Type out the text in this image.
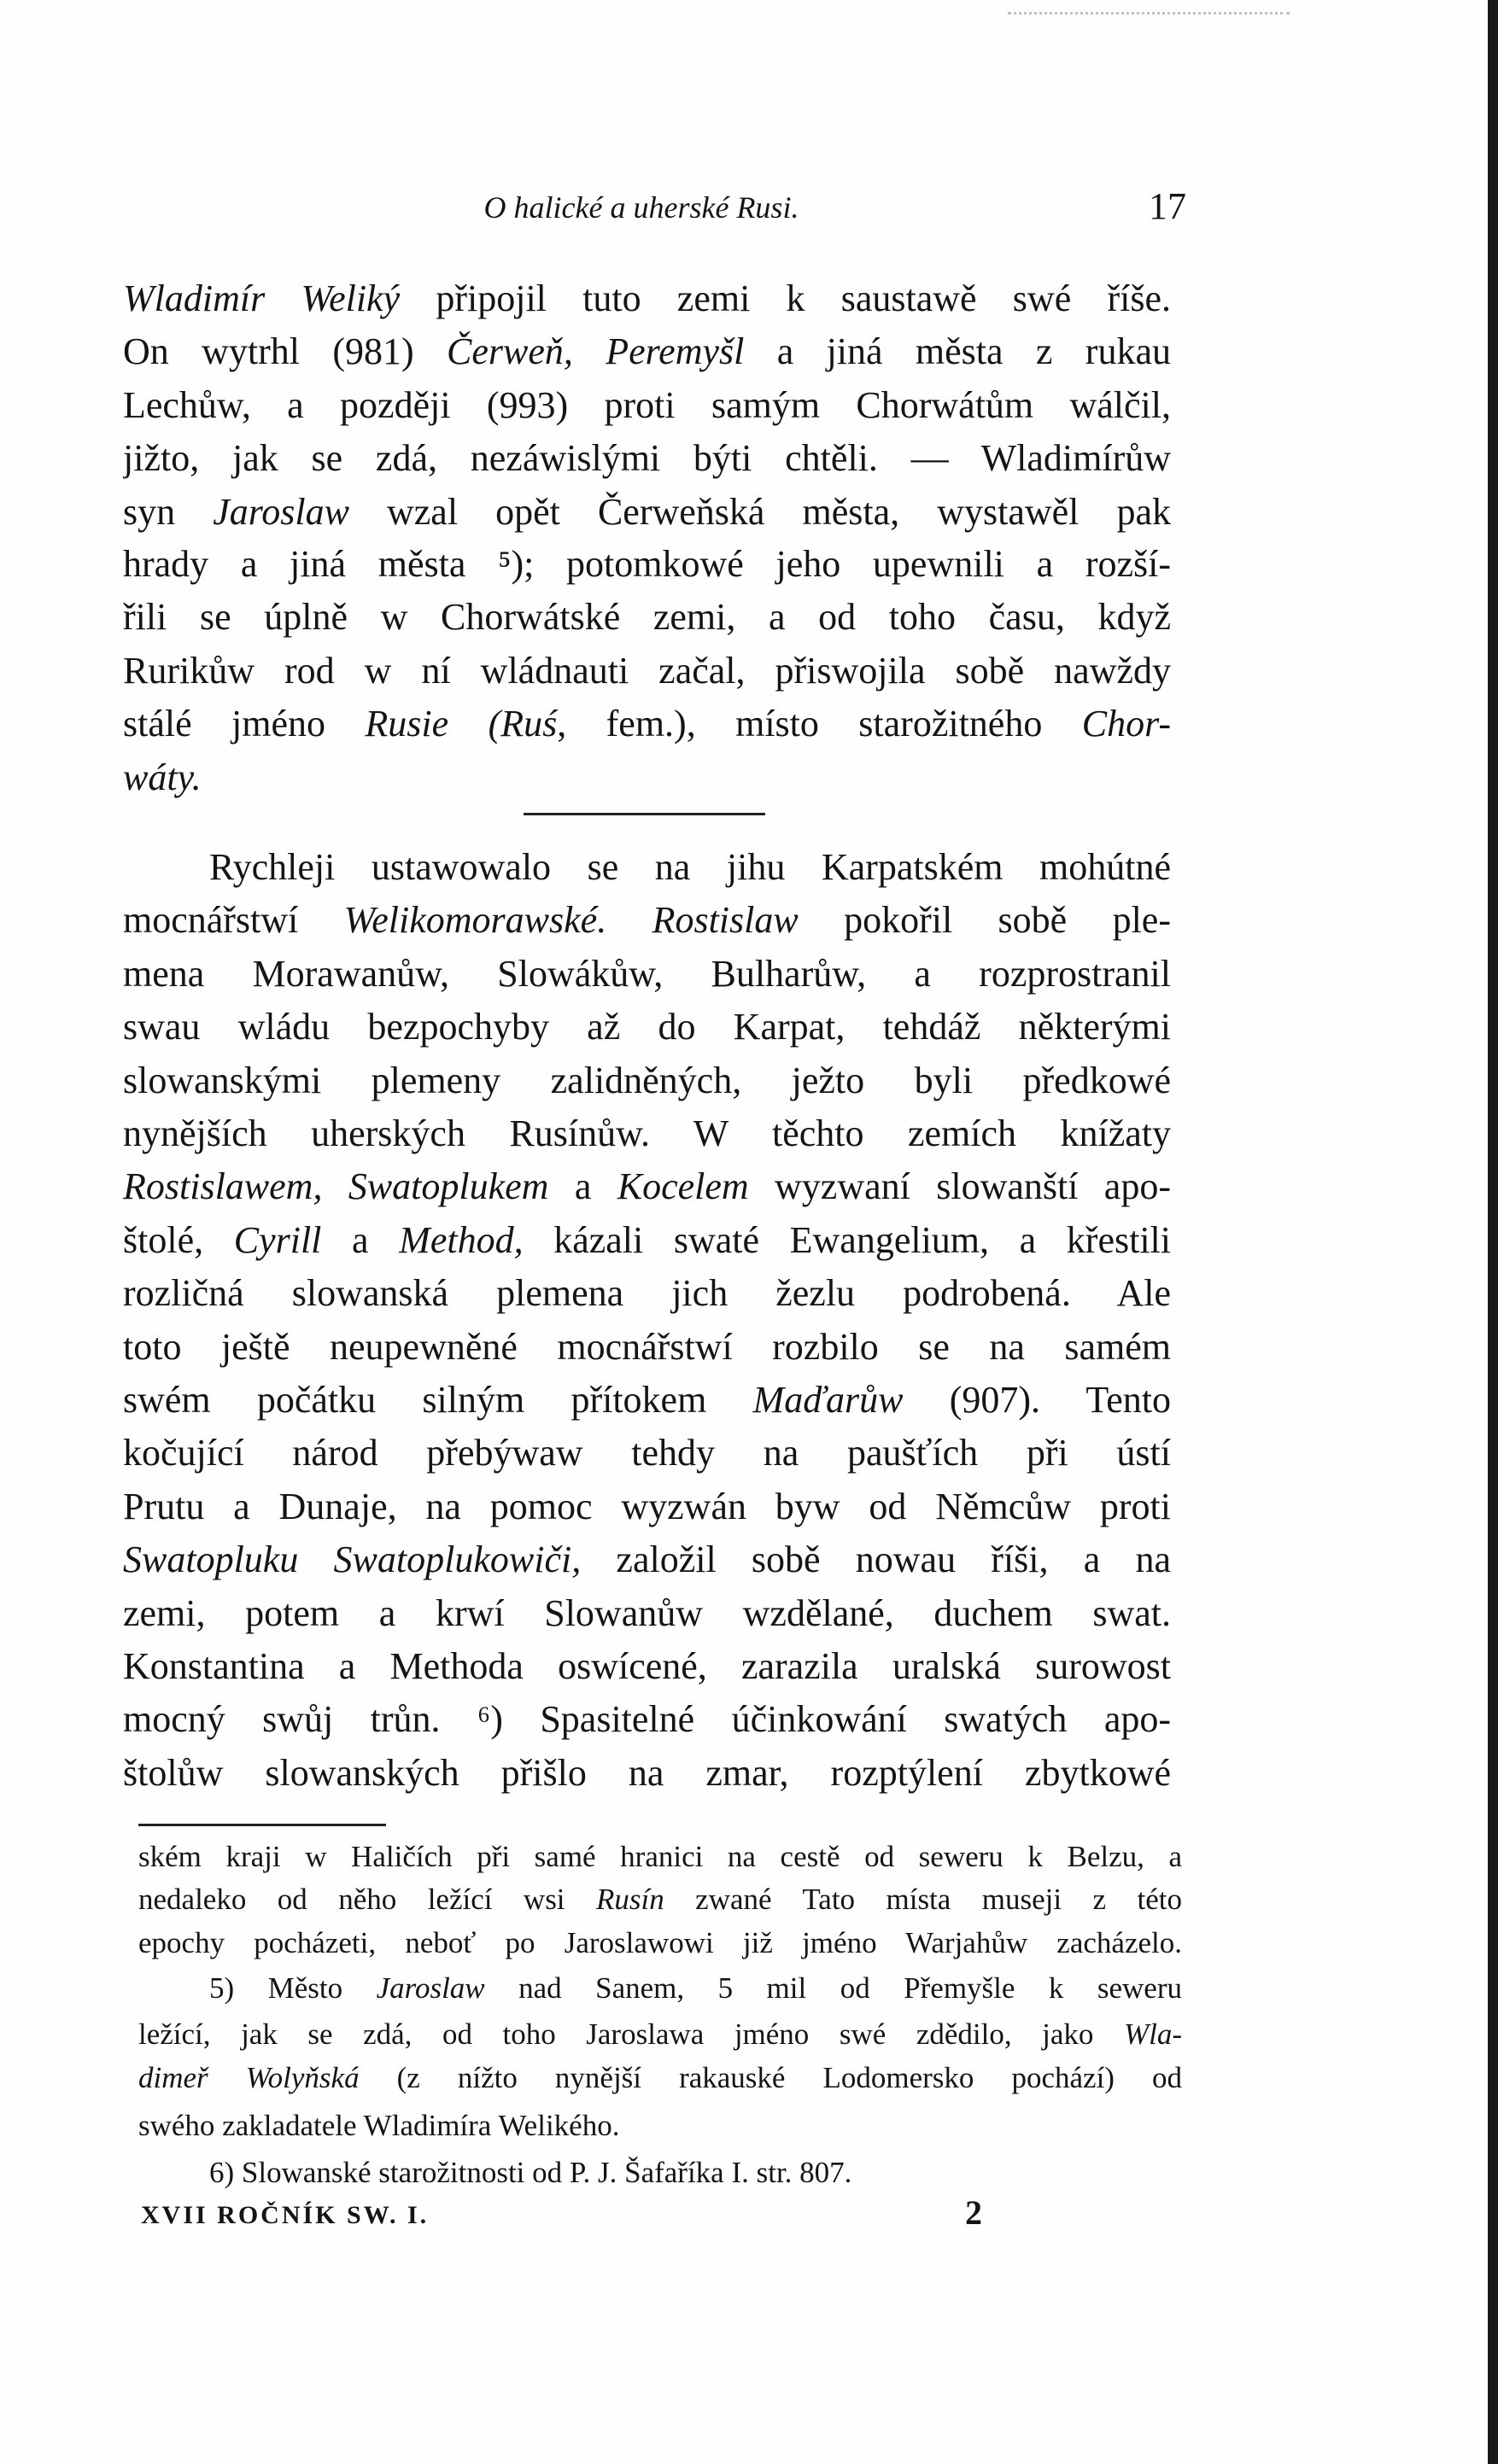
O halické a uherské Rusi.	17
Wladimír Weliký připojil tuto zemi k saustawě swé říše.
On wytrhl (981) Čerweň, Peremyšl a jiná města z rukau
Lechůw, a později (993) proti samým Chorwátům wálčil,
jižto, jak se zdá, nezáwislými býti chtěli. — Wladimírůw
syn Jaroslaw wzal opět Čerweňská města, wystawěl pak
hrady a jiná města ⁵); potomkowé jeho upewnili a rozší-
řili se úplně w Chorwátské zemi, a od toho času, když
Rurikůw rod w ní wládnauti začal, přiswojila sobě nawždy
stálé jméno Rusie (Ruś, fem.), místo starožitného Chor-
wáty.
Rychleji ustawowalo se na jihu Karpatském mohútné
mocnářstwí Welikomorawské. Rostislaw pokořil sobě ple-
mena Morawanůw, Slowákůw, Bulharůw, a rozprostranil
swau wládu bezpochyby až do Karpat, tehdáž některými
slowanskými plemeny zalidněných, ježto byli předkowé
nynějších uherských Rusínůw. W těchto zemích knížaty
Rostislawem, Swatoplukem a Kocelem wyzwaní slowanští apo-
štolé, Cyrill a Method, kázali swaté Ewangelium, a křestili
rozličná slowanská plemena jich žezlu podrobená. Ale
toto ještě neupewněné mocnářstwí rozbilo se na samém
swém počátku silným přítokem Maďarůw (907). Tento
kočující národ přebýwaw tehdy na paušťích při ústí
Prutu a Dunaje, na pomoc wyzwán byw od Němcůw proti
Swatopluku Swatoplukowiči, založil sobě nowau říši, a na
zemi, potem a krwí Slowanůw wzdělané, duchem swat.
Konstantina a Methoda oswícené, zarazila uralská surowost
mocný swůj trůn. ⁶) Spasitelné účinkowání swatých apo-
štolůw slowanských přišlo na zmar, rozptýlení zbytkowé
ském kraji w Haličích při samé hranici na cestě od seweru k Belzu, a
nedaleko od něho ležící wsi Rusín zwané Tato místa museji z této
epochy pocházeti, neboť po Jaroslawowi již jméno Warjahůw zacházelo.
5) Město Jaroslaw nad Sanem, 5 mil od Přemyšle k seweru
ležící, jak se zdá, od toho Jaroslawa jméno swé zdědilo, jako Wla-
dimeř Wolyňská (z nížto nynější rakauské Lodomersko pochází) od
swého zakladatele Wladimíra Welikého.
6) Slowanské starožitnosti od P. J. Šafaříka I. str. 807.
XVII ROČNÍK SW. I.	2
